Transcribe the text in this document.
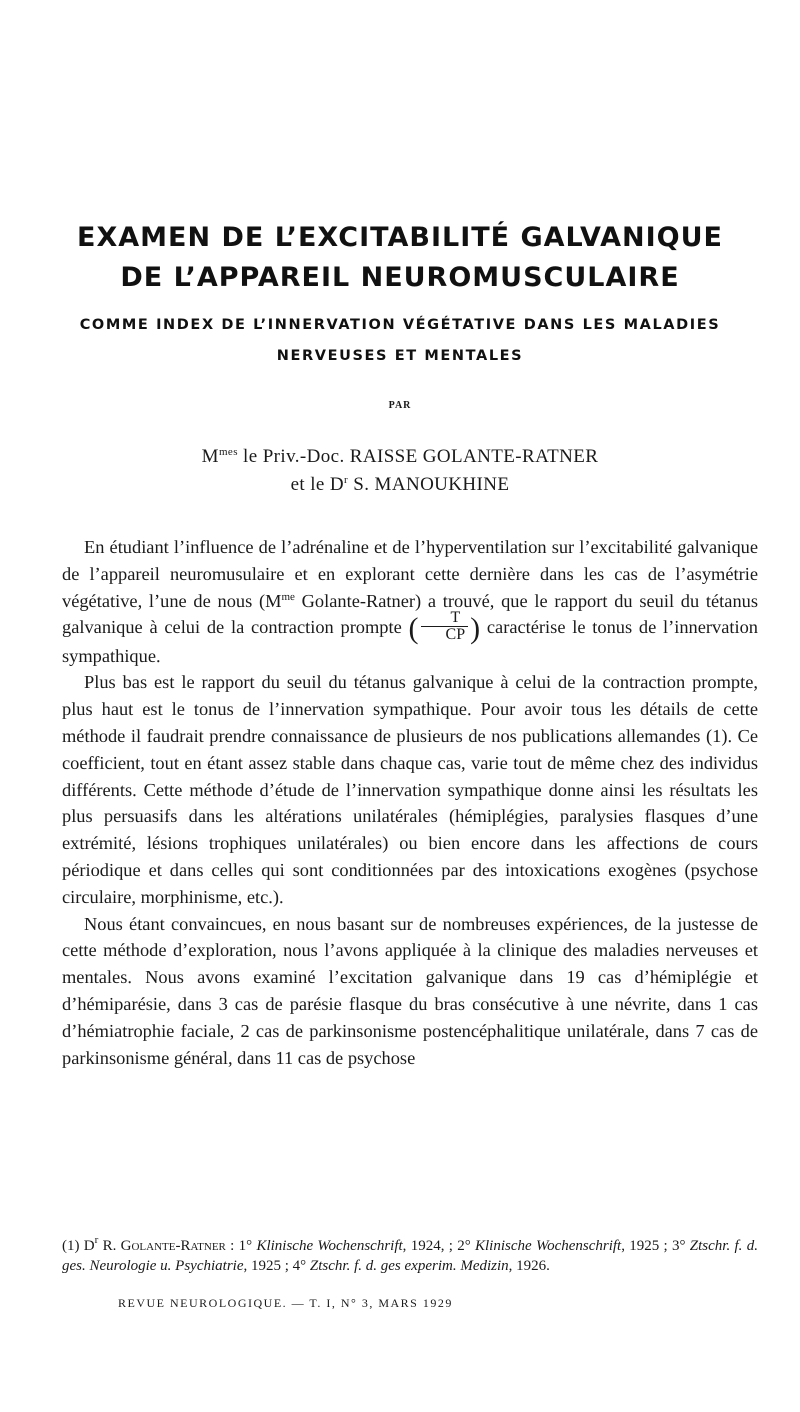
EXAMEN DE L’EXCITABILITÉ GALVANIQUE
DE L’APPAREIL NEUROMUSCULAIRE
COMME INDEX DE L’INNERVATION VÉGÉTATIVE DANS LES MALADIES
NERVEUSES ET MENTALES
PAR
$M^{mes}$ le Priv.-Doc. RAISSE GOLANTE-RATNER
et le $D^r$ S. MANOUKHINE

En étudiant l’influence de l’adrénaline et de l’hyperventilation sur l’excitabilité galvanique de l’appareil neuromusulaire et en explorant cette dernière dans les cas de l’asymétrie végétative, l’une de nous ($M^{me}$ Golante-Ratner) a trouvé, que le rapport du seuil du tétanus galvanique à celui de la contraction prompte ( $\frac{T}{CP}$ ) caractérise le tonus de l’innervation sympathique.

Plus bas est le rapport du seuil du tétanus galvanique à celui de la contraction prompte, plus haut est le tonus de l’innervation sympathique. Pour avoir tous les détails de cette méthode il faudrait prendre connaissance de plusieurs de nos publications allemandes (1). Ce coefficient, tout en étant assez stable dans chaque cas, varie tout de même chez des individus différents. Cette méthode d’étude de l’innervation sympathique donne ainsi les résultats les plus persuasifs dans les altérations unilatérales (hémiplégies, paralysies flasques d’une extrémité, lésions trophiques unilatérales) ou bien encore dans les affections de cours périodique et dans celles qui sont conditionnées par des intoxications exogènes (psychose circulaire, morphinisme, etc.).

Nous étant convaincues, en nous basant sur de nombreuses expériences, de la justesse de cette méthode d’exploration, nous l’avons appliquée à la clinique des maladies nerveuses et mentales. Nous avons examiné l’excitation galvanique dans 19 cas d’hémiplégie et d’hémiparésie, dans 3 cas de parésie flasque du bras consécutive à une névrite, dans 1 cas d’hémiatrophie faciale, 2 cas de parkinsonisme postencéphalitique unilatérale, dans 7 cas de parkinsonisme général, dans 11 cas de psychose

(1) $D^r$ R. Golante-Ratner : 1° Klinische Wochenschrift, 1924, ; 2° Klinische Wochenschrift, 1925 ; 3° Ztschr. f. d. ges. Neurologie u. Psychiatrie, 1925 ; 4° Ztschr. f. d. ges experim. Medizin, 1926.
REVUE NEUROLOGIQUE. — T. I, N° 3, MARS 1929
